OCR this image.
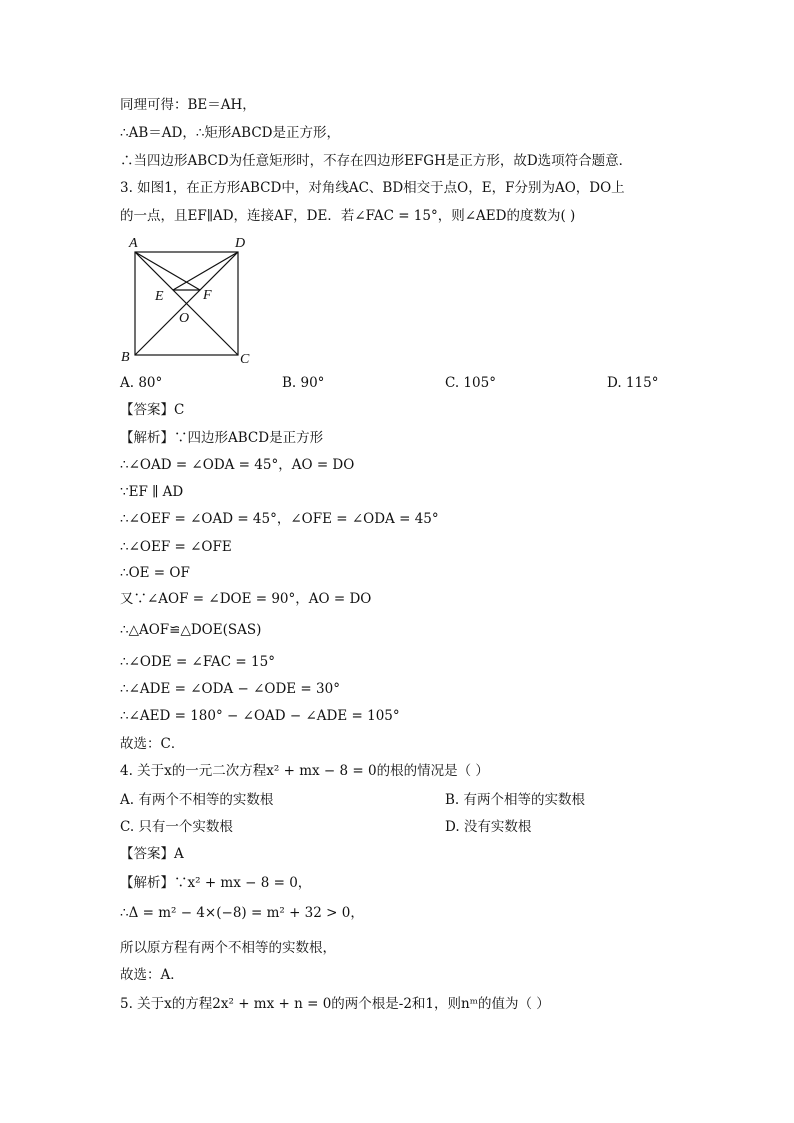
同理可得：BE＝AH，
∴AB＝AD，∴矩形ABCD是正方形，
∴当四边形ABCD为任意矩形时，不存在四边形EFGH是正方形，故D选项符合题意．
3. 如图1，在正方形ABCD中，对角线AC、BD相交于点O，E，F分别为AO，DO上
的一点，且EF∥AD，连接AF，DE．若∠FAC = 15°，则∠AED的度数为( )
A	D
E	F
O
B	C
A. 80°	B. 90°	C. 105°	D. 115°
【答案】C
【解析】∵四边形ABCD是正方形
∴∠OAD = ∠ODA = 45°，AO = DO
∵EF ∥ AD
∴∠OEF = ∠OAD = 45°，∠OFE = ∠ODA = 45°
∴∠OEF = ∠OFE
∴OE = OF
又∵∠AOF = ∠DOE = 90°，AO = DO
∴△AOF≌△DOE(SAS)
∴∠ODE = ∠FAC = 15°
∴∠ADE = ∠ODA − ∠ODE = 30°
∴∠AED = 180° − ∠OAD − ∠ADE = 105°
故选：C．
4. 关于x的一元二次方程x² + mx − 8 = 0的根的情况是（ ）
A. 有两个不相等的实数根	B. 有两个相等的实数根
C. 只有一个实数根	D. 没有实数根
【答案】A
【解析】∵x² + mx − 8 = 0，
∴Δ = m² − 4×(−8) = m² + 32 > 0，
所以原方程有两个不相等的实数根，
故选：A．
5. 关于x的方程2x² + mx + n = 0的两个根是-2和1，则nᵐ的值为（ ）
